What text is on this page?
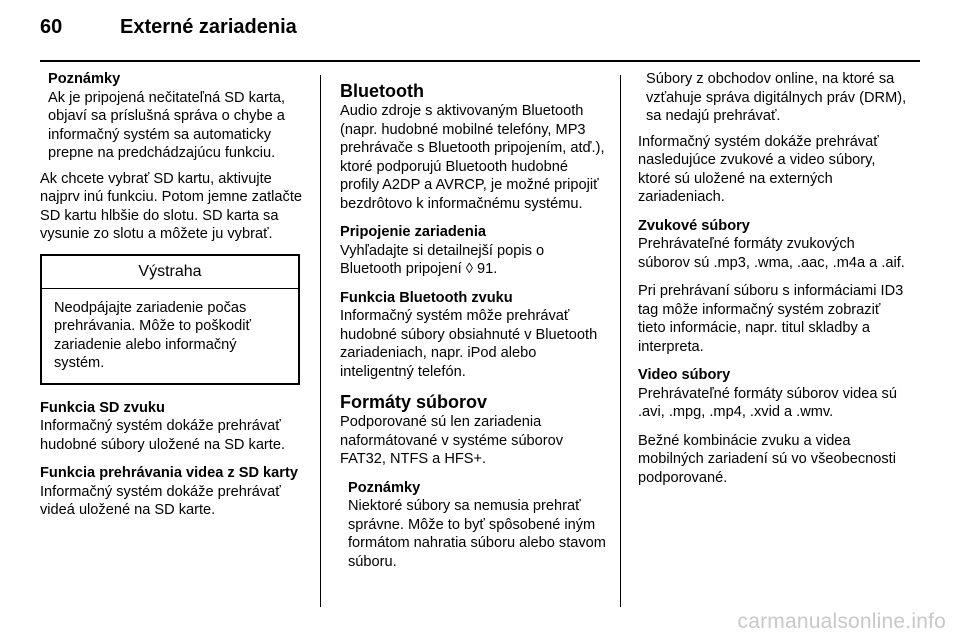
60	Externé zariadenia
Poznámky
Ak je pripojená nečitateľná SD karta, objaví sa príslušná správa o chybe a informačný systém sa automaticky prepne na predchádzajúcu funkciu.

Ak chcete vybrať SD kartu, aktivujte najprv inú funkciu. Potom jemne zatlačte SD kartu hlbšie do slotu. SD karta sa vysunie zo slotu a môžete ju vybrať.

Výstraha
Neodpájajte zariadenie počas prehrávania. Môže to poškodiť zariadenie alebo informačný systém.

Funkcia SD zvuku
Informačný systém dokáže prehrávať hudobné súbory uložené na SD karte.

Funkcia prehrávania videa z SD karty
Informačný systém dokáže prehrávať videá uložené na SD karte.

Bluetooth

Audio zdroje s aktivovaným Bluetooth (napr. hudobné mobilné telefóny, MP3 prehrávače s Bluetooth pripojením, atď.), ktoré podporujú Bluetooth hudobné profily A2DP a AVRCP, je možné pripojiť bezdrôtovo k informačnému systému.

Pripojenie zariadenia
Vyhľadajte si detailnejší popis o Bluetooth pripojení ◊ 91.

Funkcia Bluetooth zvuku
Informačný systém môže prehrávať hudobné súbory obsiahnuté v Bluetooth zariadeniach, napr. iPod alebo inteligentný telefón.

Formáty súborov

Podporované sú len zariadenia naformátované v systéme súborov FAT32, NTFS a HFS+.

Poznámky
Niektoré súbory sa nemusia prehrať správne. Môže to byť spôsobené iným formátom nahratia súboru alebo stavom súboru.
Súbory z obchodov online, na ktoré sa vzťahuje správa digitálnych práv (DRM), sa nedajú prehrávať.

Informačný systém dokáže prehrávať nasledujúce zvukové a video súbory, ktoré sú uložené na externých zariadeniach.

Zvukové súbory
Prehrávateľné formáty zvukových súborov sú .mp3, .wma, .aac, .m4a a .aif.

Pri prehrávaní súboru s informáciami ID3 tag môže informačný systém zobraziť tieto informácie, napr. titul skladby a interpreta.

Video súbory
Prehrávateľné formáty súborov videa sú .avi, .mpg, .mp4, .xvid a .wmv.

Bežné kombinácie zvuku a videa mobilných zariadení sú vo všeobecnosti podporované.

carmanualsonline.info
